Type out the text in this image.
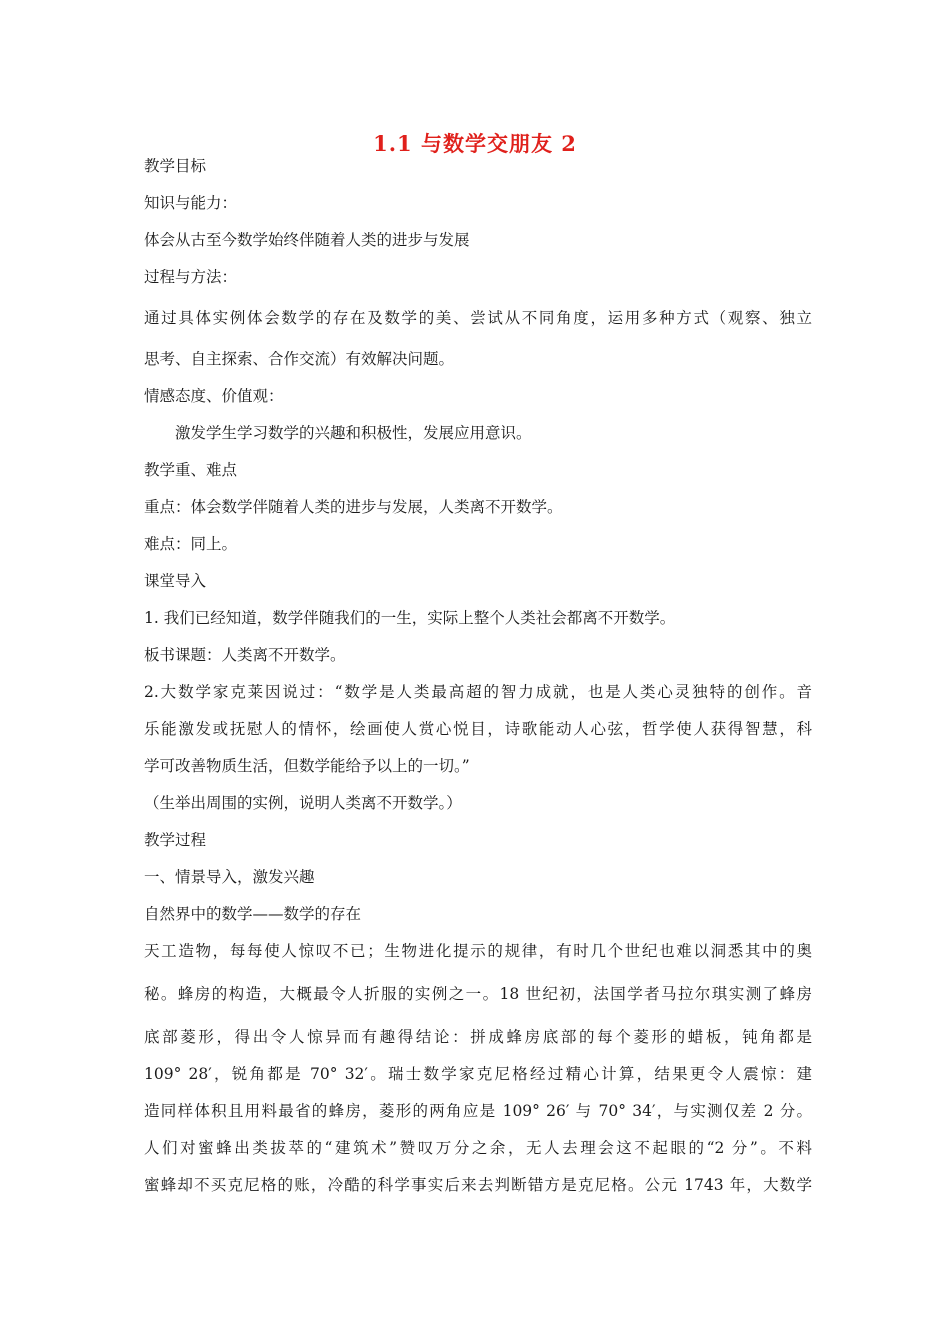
1.1 与数学交朋友 2

教学目标

知识与能力：

体会从古至今数学始终伴随着人类的进步与发展

过程与方法：

通过具体实例体会数学的存在及数学的美、尝试从不同角度，运用多种方式（观察、独立

思考、自主探索、合作交流）有效解决问题。

情感态度、价值观：

激发学生学习数学的兴趣和积极性，发展应用意识。

教学重、难点

重点：体会数学伴随着人类的进步与发展，人类离不开数学。

难点：同上。

课堂导入

1. 我们已经知道，数学伴随我们的一生，实际上整个人类社会都离不开数学。

板书课题：人类离不开数学。

2.大数学家克莱因说过：“数学是人类最高超的智力成就，也是人类心灵独特的创作。音

乐能激发或抚慰人的情怀，绘画使人赏心悦目，诗歌能动人心弦，哲学使人获得智慧，科

学可改善物质生活，但数学能给予以上的一切。”

（生举出周围的实例，说明人类离不开数学。）

教学过程

一、情景导入，激发兴趣

自然界中的数学——数学的存在

天工造物，每每使人惊叹不已；生物进化提示的规律，有时几个世纪也难以洞悉其中的奥

秘。蜂房的构造，大概最令人折服的实例之一。18 世纪初，法国学者马拉尔琪实测了蜂房

底部菱形，得出令人惊异而有趣得结论：拼成蜂房底部的每个菱形的蜡板，钝角都是

109° 28′，锐角都是 70° 32′。瑞士数学家克尼格经过精心计算，结果更令人震惊：建

造同样体积且用料最省的蜂房，菱形的两角应是 109° 26′ 与 70° 34′，与实测仅差 2 分。

人们对蜜蜂出类拔萃的“建筑术”赞叹万分之余，无人去理会这不起眼的“2 分”。不料

蜜蜂却不买克尼格的账，冷酷的科学事实后来去判断错方是克尼格。公元 1743 年，大数学
